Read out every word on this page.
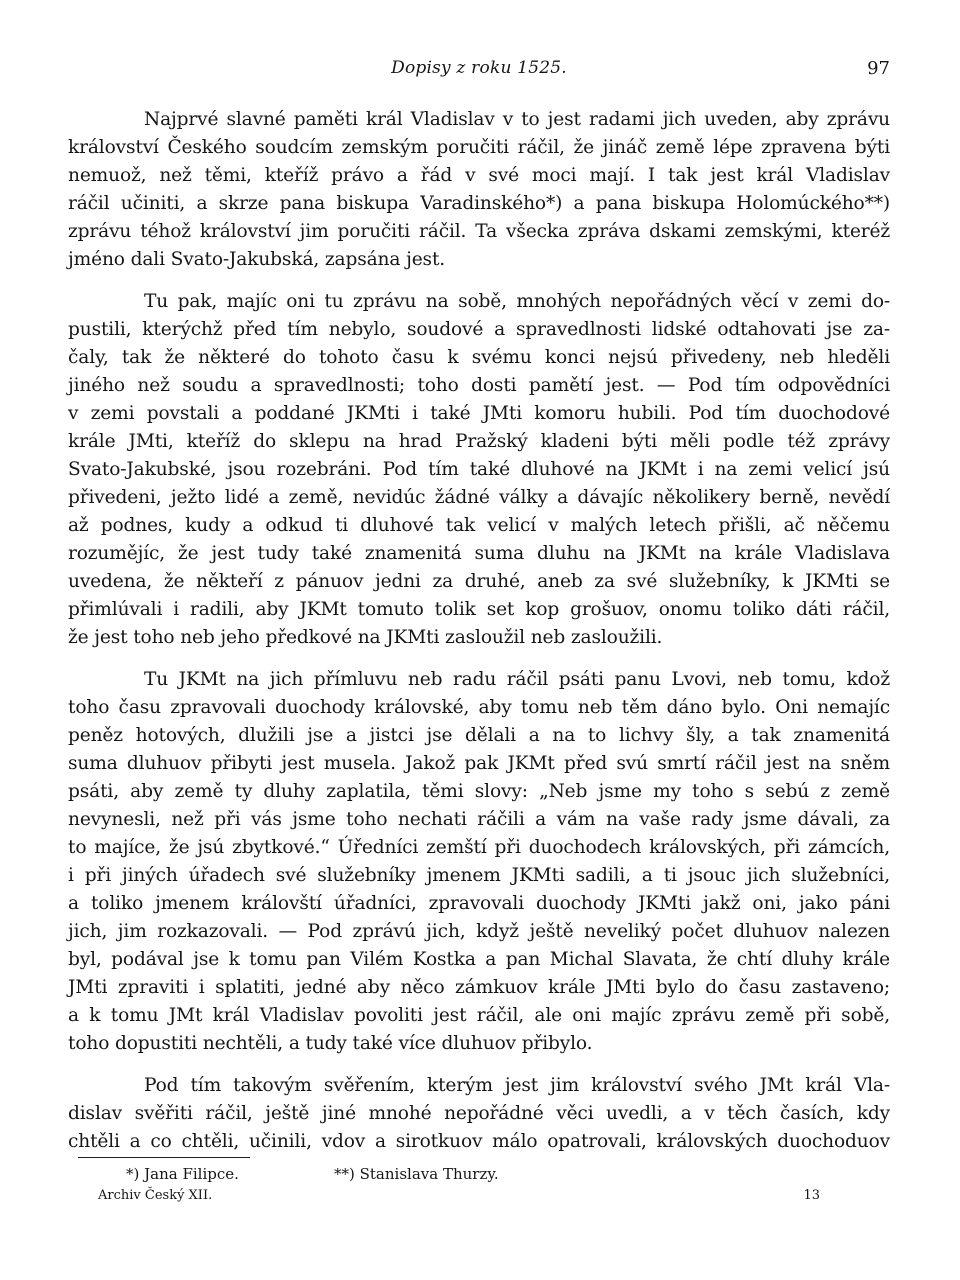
Dopisy z roku 1525.	97
Najprvé slavné paměti král Vladislav v to jest radami jich uveden, aby zprávu
království Českého soudcím zemským poručiti ráčil, že jináč země lépe zpravena býti
nemuož, než těmi, kteříž právo a řád v své moci mají. I tak jest král Vladislav
ráčil učiniti, a skrze pana biskupa Varadinského*) a pana biskupa Holomúckého**)
zprávu téhož království jim poručiti ráčil. Ta všecka zpráva dskami zemskými, kteréž
jméno dali Svato-Jakubská, zapsána jest.
Tu pak, majíc oni tu zprávu na sobě, mnohých nepořádných věcí v zemi do-
pustili, kterýchž před tím nebylo, soudové a spravedlnosti lidské odtahovati jse za-
čaly, tak že některé do tohoto času k svému konci nejsú přivedeny, neb hleděli
jiného než soudu a spravedlnosti; toho dosti pamětí jest. — Pod tím odpovědníci
v zemi povstali a poddané JKMti i také JMti komoru hubili. Pod tím duochodové
krále JMti, kteříž do sklepu na hrad Pražský kladeni býti měli podle též zprávy
Svato-Jakubské, jsou rozebráni. Pod tím také dluhové na JKMt i na zemi velicí jsú
přivedeni, ježto lidé a země, nevidúc žádné války a dávajíc několikery berně, nevědí
až podnes, kudy a odkud ti dluhové tak velicí v malých letech přišli, ač něčemu
rozumějíc, že jest tudy také znamenitá suma dluhu na JKMt na krále Vladislava
uvedena, že někteří z pánuov jedni za druhé, aneb za své služebníky, k JKMti se
přimlúvali i radili, aby JKMt tomuto tolik set kop grošuov, onomu toliko dáti ráčil,
že jest toho neb jeho předkové na JKMti zasloužil neb zasloužili.
Tu JKMt na jich přímluvu neb radu ráčil psáti panu Lvovi, neb tomu, kdož
toho času zpravovali duochody královské, aby tomu neb těm dáno bylo. Oni nemajíc
peněz hotových, dlužili jse a jistci jse dělali a na to lichvy šly, a tak znamenitá
suma dluhuov přibyti jest musela. Jakož pak JKMt před svú smrtí ráčil jest na sněm
psáti, aby země ty dluhy zaplatila, těmi slovy: „Neb jsme my toho s sebú z země
nevynesli, než při vás jsme toho nechati ráčili a vám na vaše rady jsme dávali, za
to majíce, že jsú zbytkové.“ Úředníci zemští při duochodech královských, při zámcích,
i při jiných úřadech své služebníky jmenem JKMti sadili, a ti jsouc jich služebníci,
a toliko jmenem královští úřadníci, zpravovali duochody JKMti jakž oni, jako páni
jich, jim rozkazovali. — Pod zprávú jich, když ještě neveliký počet dluhuov nalezen
byl, podával jse k tomu pan Vilém Kostka a pan Michal Slavata, že chtí dluhy krále
JMti zpraviti i splatiti, jedné aby něco zámkuov krále JMti bylo do času zastaveno;
a k tomu JMt král Vladislav povoliti jest ráčil, ale oni majíc zprávu země při sobě,
toho dopustiti nechtěli, a tudy také více dluhuov přibylo.
Pod tím takovým svěřením, kterým jest jim království svého JMt král Vla-
dislav svěřiti ráčil, ještě jiné mnohé nepořádné věci uvedli, a v těch časích, kdy
chtěli a co chtěli, učinili, vdov a sirotkuov málo opatrovali, královských duochoduov
*) Jana Filipce.	**) Stanislava Thurzy.
Archiv Český XII.	13
